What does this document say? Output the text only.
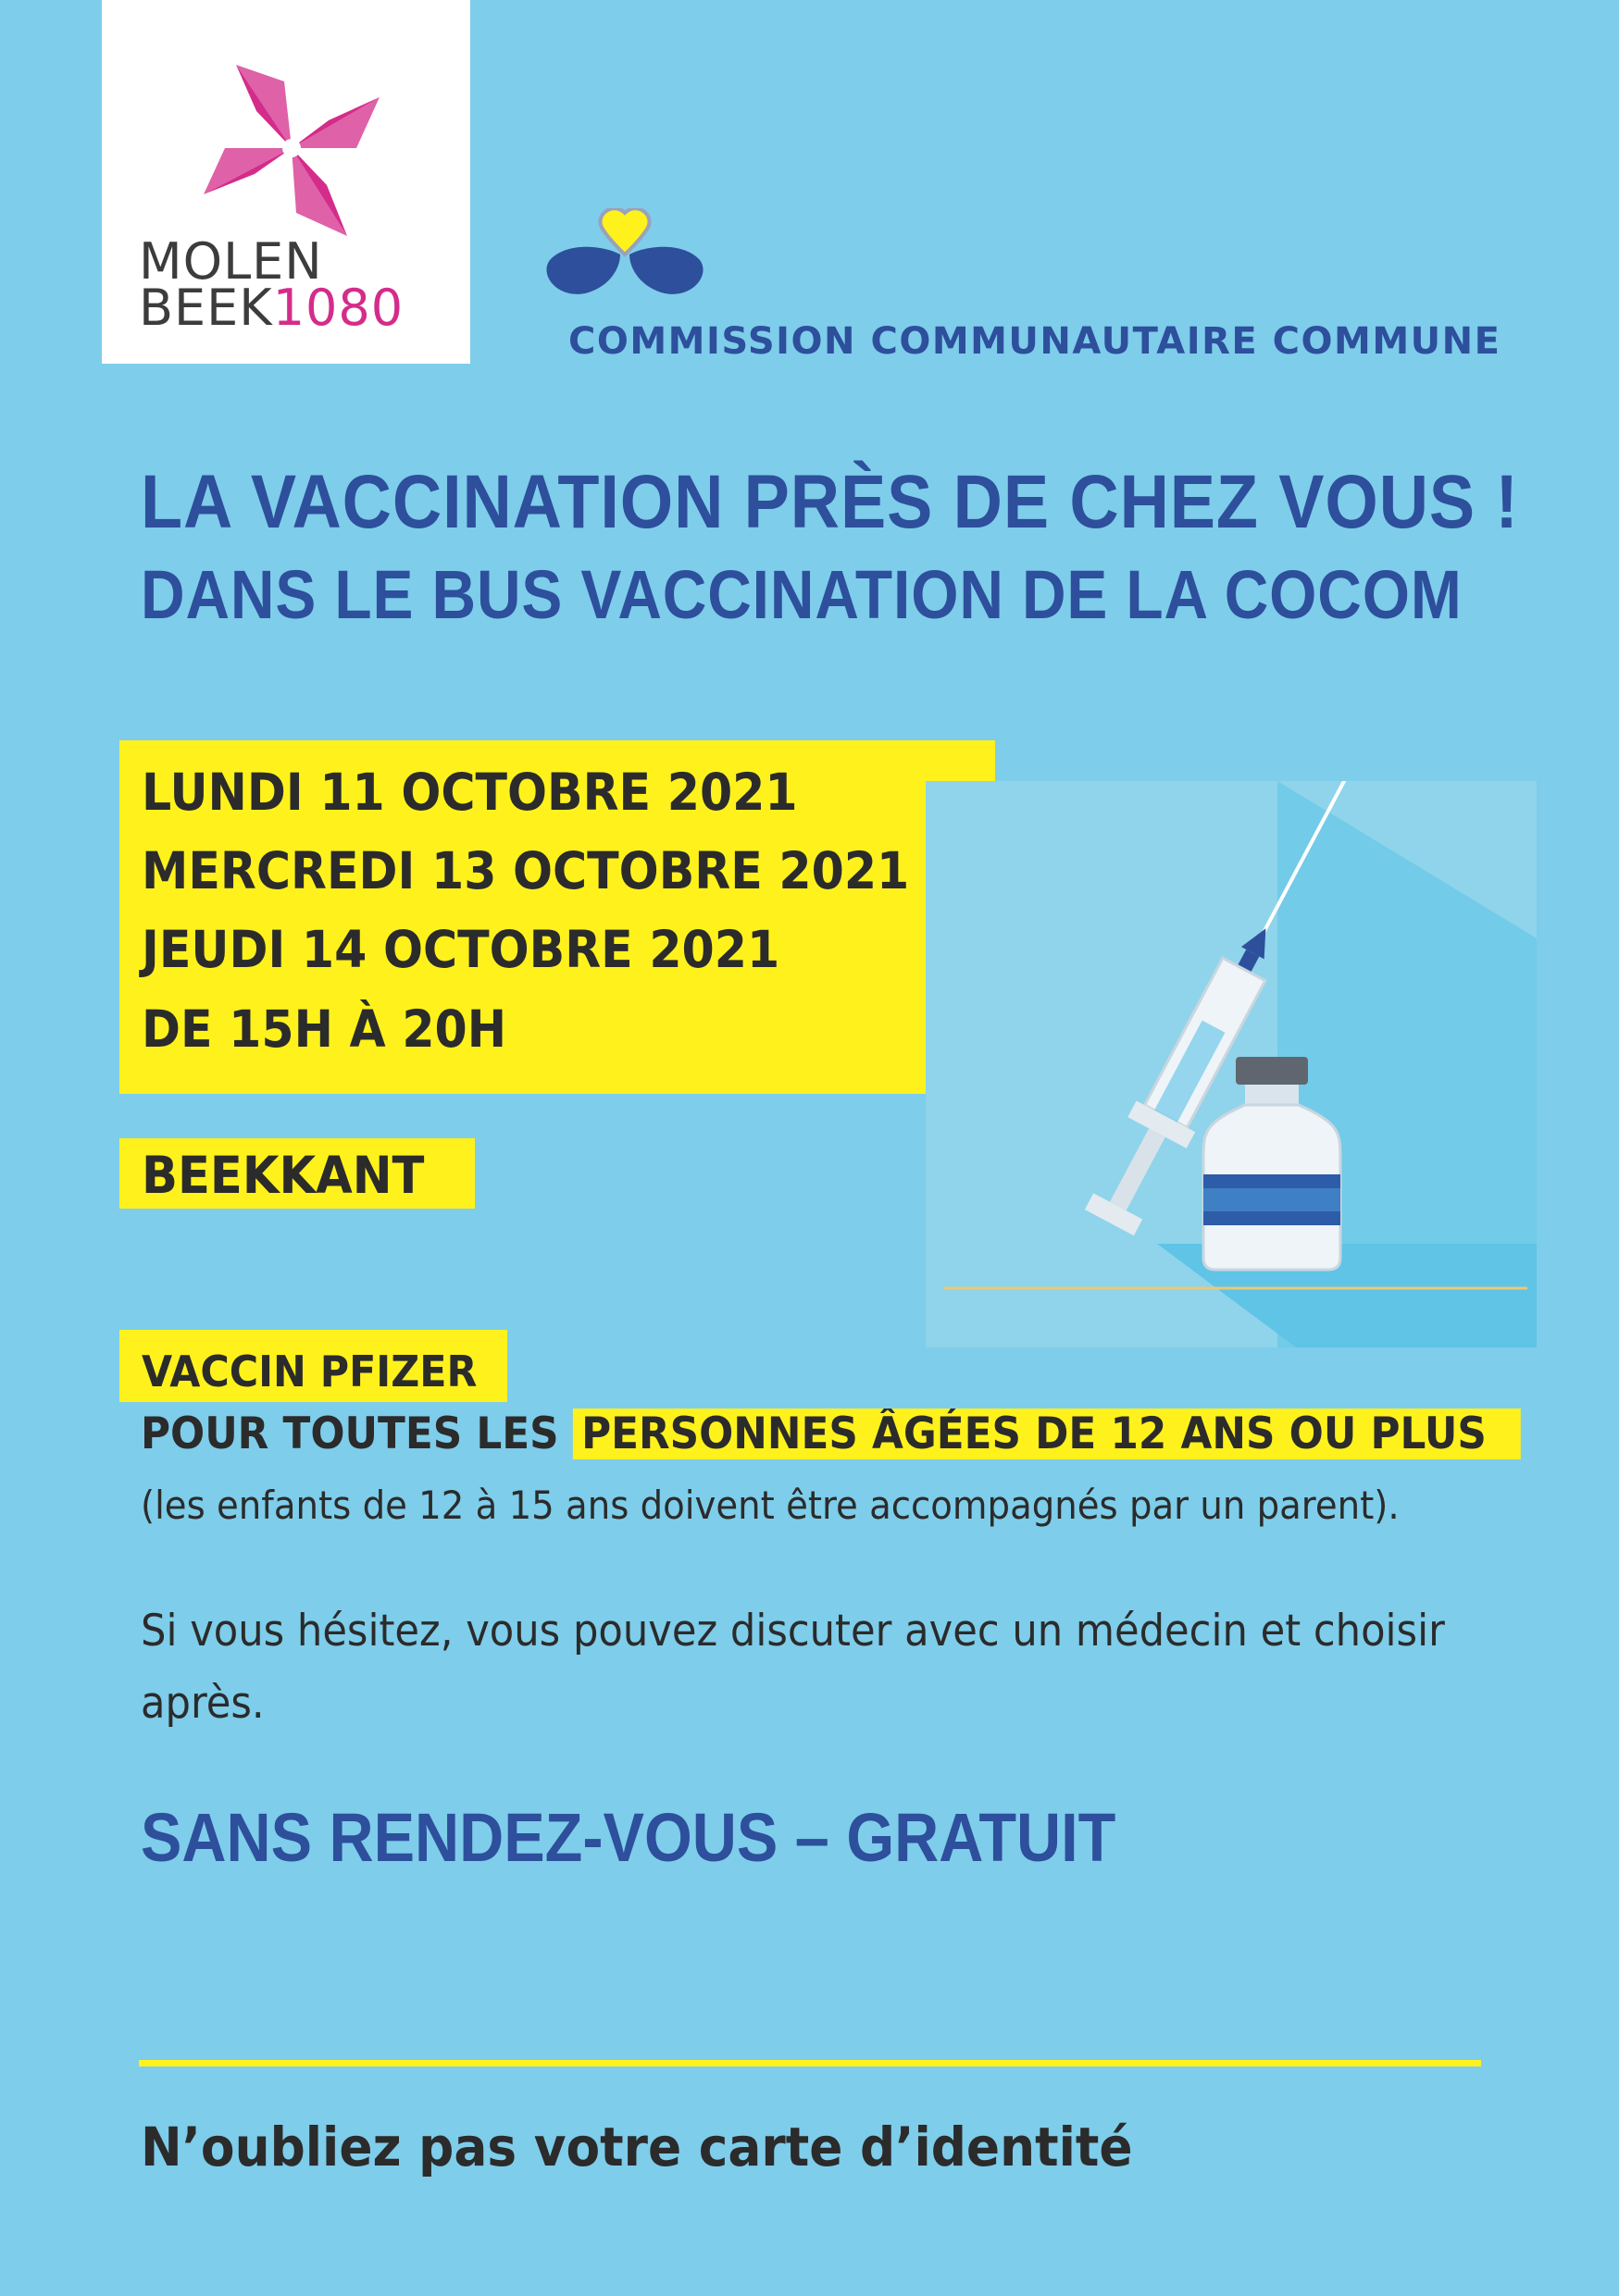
MOLEN
BEEK1080
COMMISSION COMMUNAUTAIRE COMMUNE
LA VACCINATION PRÈS DE CHEZ VOUS !
DANS LE BUS VACCINATION DE LA COCOM
LUNDI 11 OCTOBRE 2021
MERCREDI 13 OCTOBRE 2021
JEUDI 14 OCTOBRE 2021
DE 15H À 20H
BEEKKANT
VACCIN PFIZER
POUR TOUTES LES PERSONNES ÂGÉES DE 12 ANS OU PLUS
(les enfants de 12 à 15 ans doivent être accompagnés par un parent).
Si vous hésitez, vous pouvez discuter avec un médecin et choisir
après.
SANS RENDEZ-VOUS – GRATUIT
N’oubliez pas votre carte d’identité
